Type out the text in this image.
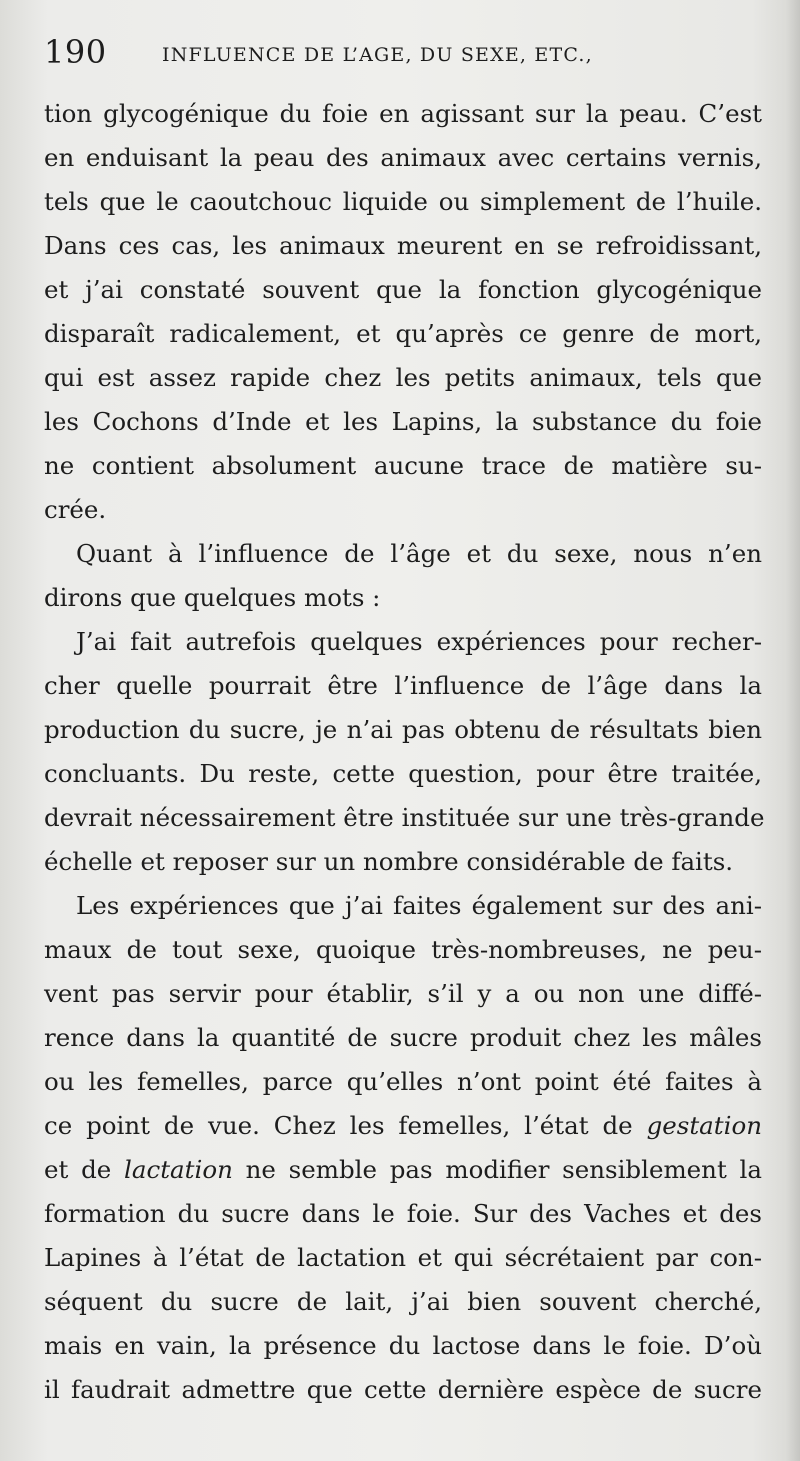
190	INFLUENCE DE L’AGE, DU SEXE, ETC.,
tion glycogénique du foie en agissant sur la peau. C’est
en enduisant la peau des animaux avec certains vernis,
tels que le caoutchouc liquide ou simplement de l’huile.
Dans ces cas, les animaux meurent en se refroidissant,
et j’ai constaté souvent que la fonction glycogénique
disparaît radicalement, et qu’après ce genre de mort,
qui est assez rapide chez les petits animaux, tels que
les Cochons d’Inde et les Lapins, la substance du foie
ne contient absolument aucune trace de matière su-
crée.
Quant à l’influence de l’âge et du sexe, nous n’en
dirons que quelques mots :
J’ai fait autrefois quelques expériences pour recher-
cher quelle pourrait être l’influence de l’âge dans la
production du sucre, je n’ai pas obtenu de résultats bien
concluants. Du reste, cette question, pour être traitée,
devrait nécessairement être instituée sur une très-grande
échelle et reposer sur un nombre considérable de faits.
Les expériences que j’ai faites également sur des ani-
maux de tout sexe, quoique très-nombreuses, ne peu-
vent pas servir pour établir, s’il y a ou non une diffé-
rence dans la quantité de sucre produit chez les mâles
ou les femelles, parce qu’elles n’ont point été faites à
ce point de vue. Chez les femelles, l’état de gestation
et de lactation ne semble pas modifier sensiblement la
formation du sucre dans le foie. Sur des Vaches et des
Lapines à l’état de lactation et qui sécrétaient par con-
séquent du sucre de lait, j’ai bien souvent cherché,
mais en vain, la présence du lactose dans le foie. D’où
il faudrait admettre que cette dernière espèce de sucre
